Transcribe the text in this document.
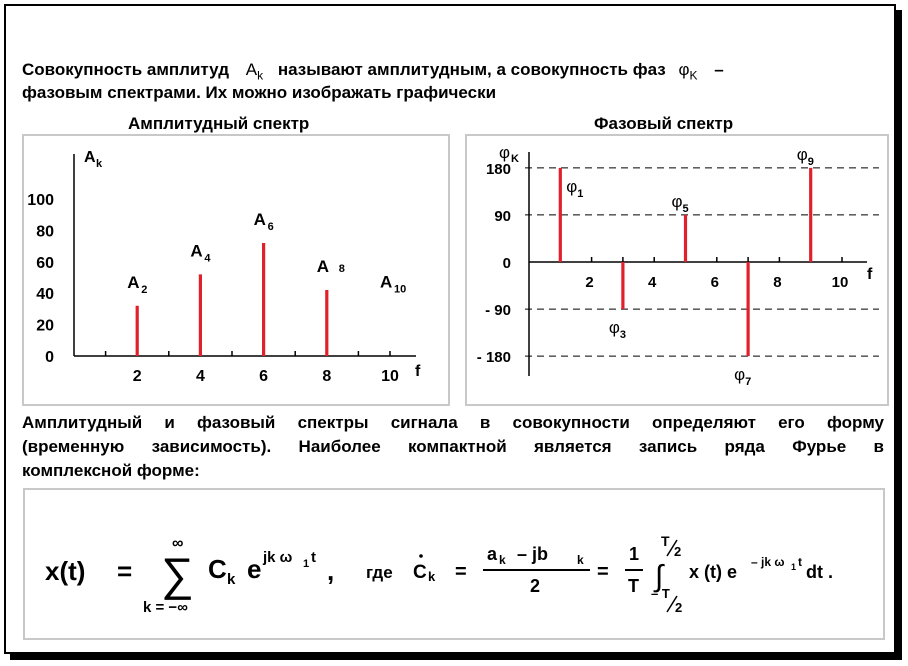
Совокупность амплитуд $A_k$ называют амплитудным, а совокупность фаз $\varphi_K$ –
фазовым спектрами. Их можно изображать графически
Амплитудный спектр	Фазовый спектр
0
20
40
60
80
100
2	4	6	8	10
A k
f
A 2
A 4
A 6
A 8
A 10
180
90
0
- 90
- 180
2	4	6	8	10
φ K
f
φ 1
φ 3
φ 5
φ 7
φ 9
Амплитудный и фазовый спектры сигнала в совокупности определяют его форму
(временную зависимость). Наиболее компактной является запись ряда Фурье в
комплексной форме:
x(t) =
∞
∑
k = −∞
C k e jk ω 1 t , где C k =
a k – jb k
2
=
1
T
T
2
∫
– T
2
x (t) e – jk ω 1 t dt .
